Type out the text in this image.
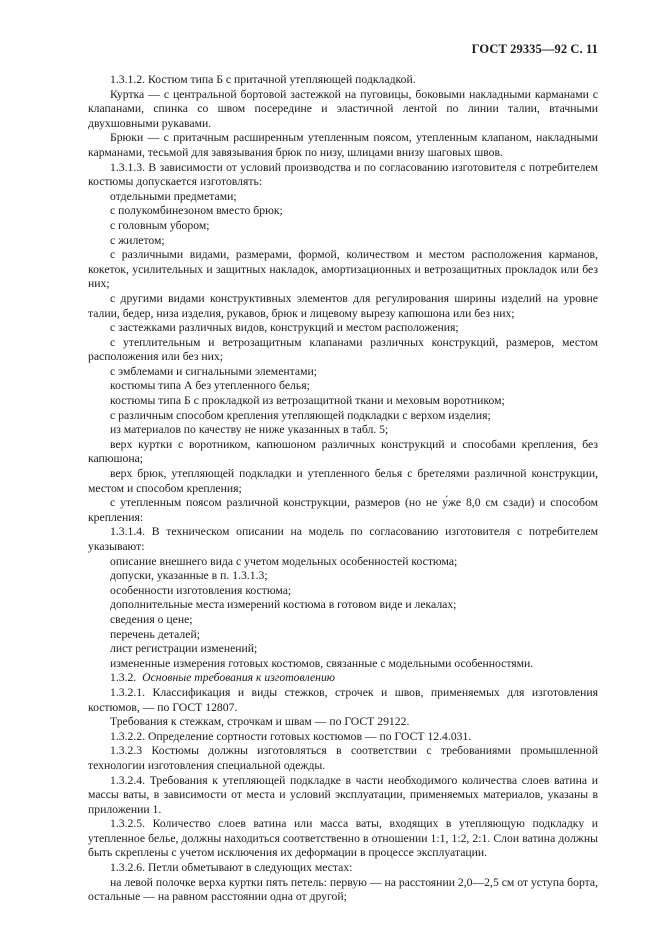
ГОСТ 29335—92 С. 11

1.3.1.2. Костюм типа Б с притачной утепляющей подкладкой.

Куртка — с центральной бортовой застежкой на пуговицы, боковыми накладными карманами с клапанами, спинка со швом посередине и эластичной лентой по линии талии, втачными двухшовными рукавами.

Брюки — с притачным расширенным утепленным поясом, утепленным клапаном, накладными карманами, тесьмой для завязывания брюк по низу, шлицами внизу шаговых швов.

1.3.1.3. В зависимости от условий производства и по согласованию изготовителя с потребителем костюмы допускается изготовлять:

отдельными предметами;

с полукомбинезоном вместо брюк;

с головным убором;

с жилетом;

с различными видами, размерами, формой, количеством и местом расположения карманов, кокеток, усилительных и защитных накладок, амортизационных и ветрозащитных прокладок или без них;

с другими видами конструктивных элементов для регулирования ширины изделий на уровне талии, бедер, низа изделия, рукавов, брюк и лицевому вырезу капюшона или без них;

с застежками различных видов, конструкций и местом расположения;

с утеплительным и ветрозащитным клапанами различных конструкций, размеров, местом расположения или без них;

с эмблемами и сигнальными элементами;

костюмы типа А без утепленного белья;

костюмы типа Б с прокладкой из ветрозащитной ткани и меховым воротником;

с различным способом крепления утепляющей подкладки с верхом изделия;

из материалов по качеству не ниже указанных в табл. 5;

верх куртки с воротником, капюшоном различных конструкций и способами крепления, без капюшона;

верх брюк, утепляющей подкладки и утепленного белья с бретелями различной конструкции, местом и способом крепления;

с утепленным поясом различной конструкции, размеров (но не у́же 8,0 см сзади) и способом крепления:

1.3.1.4. В техническом описании на модель по согласованию изготовителя с потребителем указывают:

описание внешнего вида с учетом модельных особенностей костюма;

допуски, указанные в п. 1.3.1.3;

особенности изготовления костюма;

дополнительные места измерений костюма в готовом виде и лекалах;

сведения о цене;

перечень деталей;

лист регистрации изменений;

измененные измерения готовых костюмов, связанные с модельными особенностями.

1.3.2. Основные требования к изготовлению

1.3.2.1. Классификация и виды стежков, строчек и швов, применяемых для изготовления костюмов, — по ГОСТ 12807.

Требования к стежкам, строчкам и швам — по ГОСТ 29122.

1.3.2.2. Определение сортности готовых костюмов — по ГОСТ 12.4.031.

1.3.2.3 Костюмы должны изготовляться в соответствии с требованиями промышленной технологии изготовления специальной одежды.

1.3.2.4. Требования к утепляющей подкладке в части необходимого количества слоев ватина и массы ваты, в зависимости от места и условий эксплуатации, применяемых материалов, указаны в приложении 1.

1.3.2.5. Количество слоев ватина или масса ваты, входящих в утепляющую подкладку и утепленное белье, должны находиться соответственно в отношении 1:1, 1:2, 2:1. Слои ватина должны быть скреплены с учетом исключения их деформации в процессе эксплуатации.

1.3.2.6. Петли обметывают в следующих местах:

на левой полочке верха куртки пять петель: первую — на расстоянии 2,0—2,5 см от уступа борта, остальные — на равном расстоянии одна от другой;
